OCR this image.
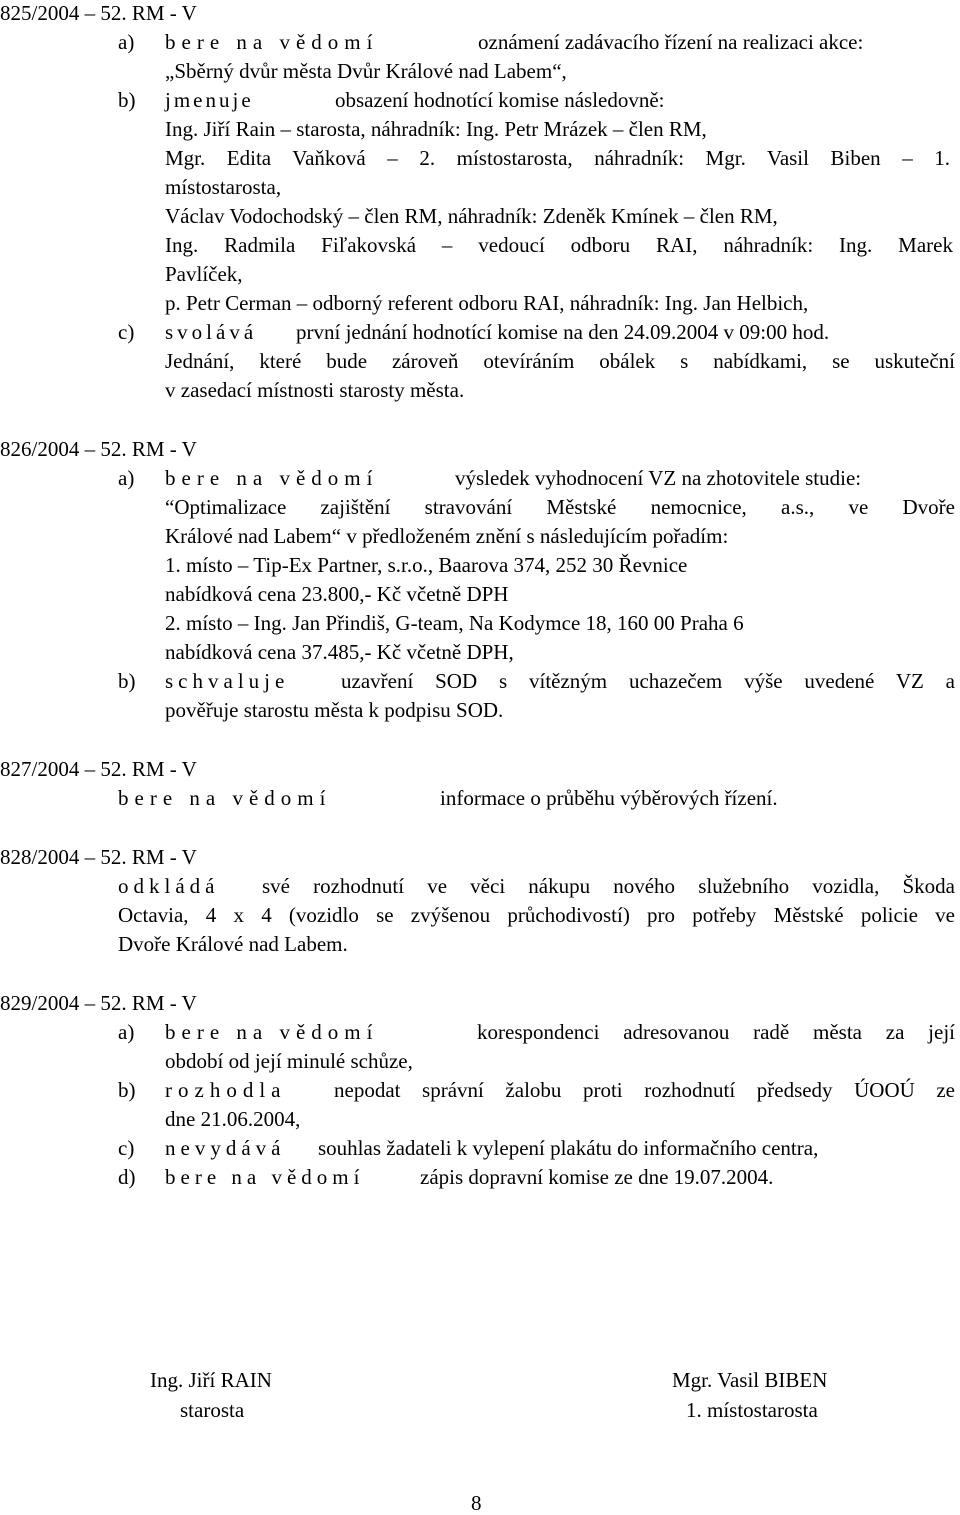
825/2004 – 52. RM - V
a) bere na vědomí	oznámení zadávacího řízení na realizaci akce:
„Sběrný dvůr města Dvůr Králové nad Labem“,
b) jmenuje	obsazení hodnotící komise následovně:
Ing. Jiří Rain – starosta, náhradník: Ing. Petr Mrázek – člen RM,
Mgr. Edita Vaňková – 2. místostarosta, náhradník: Mgr. Vasil Biben – 1.
místostarosta,
Václav Vodochodský – člen RM, náhradník: Zdeněk Kmínek – člen RM,
Ing. Radmila Fiľakovská – vedoucí odboru RAI, náhradník: Ing. Marek
Pavlíček,
p. Petr Cerman – odborný referent odboru RAI, náhradník: Ing. Jan Helbich,
c) svolává první jednání hodnotící komise na den 24.09.2004 v 09:00 hod.
Jednání, které bude zároveň otevíráním obálek s nabídkami, se uskuteční
v zasedací místnosti starosty města.
826/2004 – 52. RM - V
a) bere na vědomí	výsledek vyhodnocení VZ na zhotovitele studie:
“Optimalizace zajištění stravování Městské nemocnice, a.s., ve Dvoře
Králové nad Labem“ v předloženém znění s následujícím pořadím:
1. místo – Tip-Ex Partner, s.r.o., Baarova 374, 252 30 Řevnice
nabídková cena 23.800,- Kč včetně DPH
2. místo – Ing. Jan Přindiš, G-team, Na Kodymce 18, 160 00 Praha 6
nabídková cena 37.485,- Kč včetně DPH,
b) schvaluje uzavření SOD s vítězným uchazečem výše uvedené VZ a
pověřuje starostu města k podpisu SOD.
827/2004 – 52. RM - V
bere na vědomí	informace o průběhu výběrových řízení.
828/2004 – 52. RM - V
odkládá své rozhodnutí ve věci nákupu nového služebního vozidla, Škoda
Octavia, 4 x 4 (vozidlo se zvýšenou průchodivostí) pro potřeby Městské policie ve
Dvoře Králové nad Labem.
829/2004 – 52. RM - V
a) bere na vědomí	korespondenci adresovanou radě města za její
období od její minulé schůze,
b) rozhodla nepodat správní žalobu proti rozhodnutí předsedy ÚOOÚ ze
dne 21.06.2004,
c) nevydává souhlas žadateli k vylepení plakátu do informačního centra,
d) bere na vědomí	zápis dopravní komise ze dne 19.07.2004.
Ing. Jiří RAIN
starosta
Mgr. Vasil BIBEN
1. místostarosta
8
